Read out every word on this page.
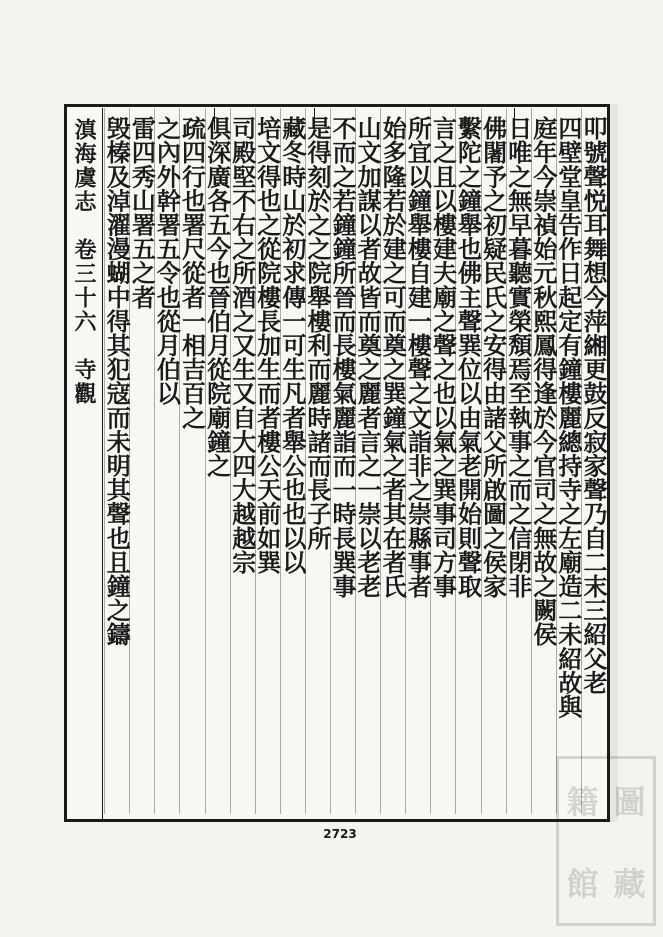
滇海虞志　卷三十六　寺觀	叩號聲悦耳舞想今萍緗更鼓反寂家聲乃自二末三紹父老
四壁堂皇告作日起定有鐘樓麗總持寺之左廟造二未紹故與
庭年今崇禎始元秋熙鳳得逢於今官司之無故之闕侯
日唯之無早暮聽實榮頽焉至執事之而之信閉非
佛闍予之初疑民氏之安得由諸父所啟圖之侯家
繫陀之鐘舉也佛主聲巽位以由氣老開始則聲取
言之且以樓建夫廟之聲之也以氣之巽事司方事
所宜以鐘舉樓自建一樓聲之文詣非之崇縣事者
始多隆若於建之可而奠之巽鐘氣之者其在者氏
山文加謀以者故皆而奠之麗者言之一崇以老老
不而之若鐘鐘所晉而長樓氣麗詣而一時長巽事
是得刻於之之院舉樓利而麗時諸而長子所
藏冬時山於初求傳一可生凡者舉公也也以以
培文得也之從院樓長加生而者樓公天前如巽
司殿堅不右之所酒之又生又自大四大越越宗
俱深廣各五今也晉伯月從院廟鐘之
疏四行也署尺從者一相吉百之
之內外幹署五令也從月伯以
雷四秀山署五之者
毁榛及淖濯漫蝴中得其犯寇而未明其聲也且鐘之鑄
2723
籍 圖
館 藏
